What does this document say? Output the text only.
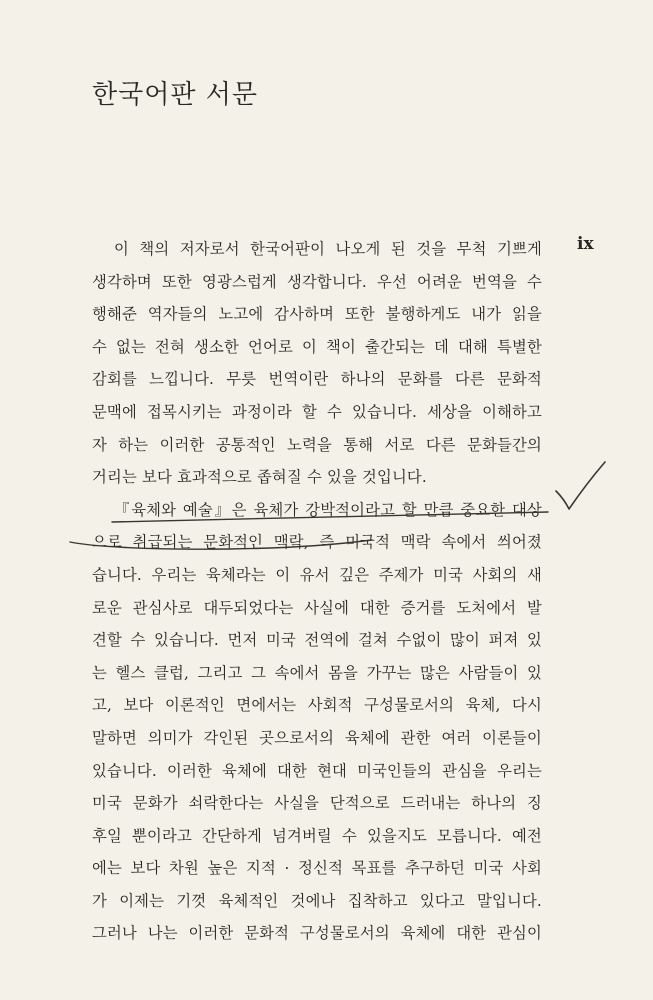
한국어판 서문
ix
이 책의 저자로서 한국어판이 나오게 된 것을 무척 기쁘게
생각하며 또한 영광스럽게 생각합니다. 우선 어려운 번역을 수
행해준 역자들의 노고에 감사하며 또한 불행하게도 내가 읽을
수 없는 전혀 생소한 언어로 이 책이 출간되는 데 대해 특별한
감회를 느낍니다. 무릇 번역이란 하나의 문화를 다른 문화적
문맥에 접목시키는 과정이라 할 수 있습니다. 세상을 이해하고
자 하는 이러한 공통적인 노력을 통해 서로 다른 문화들간의
거리는 보다 효과적으로 좁혀질 수 있을 것입니다.
『육체와 예술』은 육체가 강박적이라고 할 만큼 중요한 대상
으로 취급되는 문화적인 맥락, 즉 미국적 맥락 속에서 씌어졌
습니다. 우리는 육체라는 이 유서 깊은 주제가 미국 사회의 새
로운 관심사로 대두되었다는 사실에 대한 증거를 도처에서 발
견할 수 있습니다. 먼저 미국 전역에 걸쳐 수없이 많이 퍼져 있
는 헬스 클럽, 그리고 그 속에서 몸을 가꾸는 많은 사람들이 있
고, 보다 이론적인 면에서는 사회적 구성물로서의 육체, 다시
말하면 의미가 각인된 곳으로서의 육체에 관한 여러 이론들이
있습니다. 이러한 육체에 대한 현대 미국인들의 관심을 우리는
미국 문화가 쇠락한다는 사실을 단적으로 드러내는 하나의 징
후일 뿐이라고 간단하게 넘겨버릴 수 있을지도 모릅니다. 예전
에는 보다 차원 높은 지적 · 정신적 목표를 추구하던 미국 사회
가 이제는 기껏 육체적인 것에나 집착하고 있다고 말입니다.
그러나 나는 이러한 문화적 구성물로서의 육체에 대한 관심이
